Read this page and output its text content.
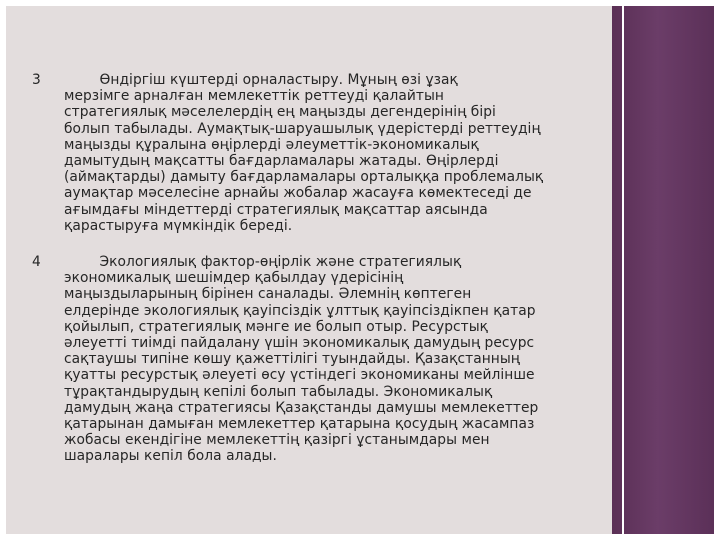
3 Өндіргіш күштерді орналастыру. Мұның өзі ұзақ
мерзімге арналған мемлекеттік реттеуді қалайтын
стратегиялық мәселелердің ең маңызды дегендерінің бірі
болып табылады. Аумақтық-шаруашылық үдерістерді реттеудің
маңызды құралына өңірлерді әлеуметтік-экономикалық
дамытудың мақсатты бағдарламалары жатады. Өңірлерді
(аймақтарды) дамыту бағдарламалары орталыққа проблемалық
аумақтар мәселесіне арнайы жобалар жасауға көмектеседі де
ағымдағы міндеттерді стратегиялық мақсаттар аясында
қарастыруға мүмкіндік береді.
4 Экологиялық фактор-өңірлік және стратегиялық
экономикалық шешімдер қабылдау үдерісінің
маңыздыларының бірінен саналады. Әлемнің көптеген
елдерінде экологиялық қауіпсіздік ұлттық қауіпсіздікпен қатар
қойылып, стратегиялық мәнге ие болып отыр. Ресурстық
әлеуетті тиімді пайдалану үшін экономикалық дамудың ресурс
сақтаушы типіне көшу қажеттілігі туындайды. Қазақстанның
қуатты ресурстық әлеуеті өсу үстіндегі экономиканы мейлінше
тұрақтандырудың кепілі болып табылады. Экономикалық
дамудың жаңа стратегиясы Қазақстанды дамушы мемлекеттер
қатарынан дамыған мемлекеттер қатарына қосудың жасампаз
жобасы екендігіне мемлекеттің қазіргі ұстанымдары мен
шаралары кепіл бола алады.
